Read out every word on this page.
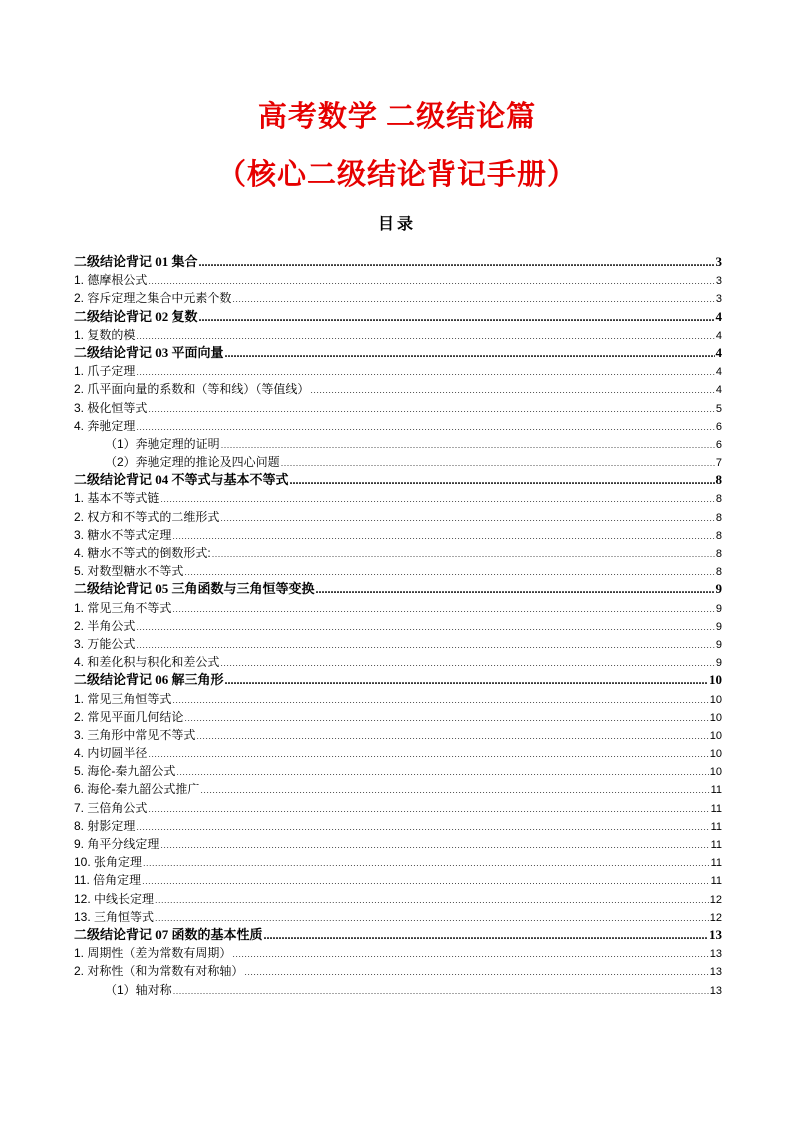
高考数学 二级结论篇
（核心二级结论背记手册）
目录
二级结论背记 01 集合 .....	3
1. 德摩根公式 .....	3
2. 容斥定理之集合中元素个数 .....	3
二级结论背记 02 复数 .....	4
1. 复数的模 .....	4
二级结论背记 03 平面向量 .....	4
1. 爪子定理 .....	4
2. 爪平面向量的系数和（等和线）（等值线） .....	4
3. 极化恒等式 .....	5
4. 奔驰定理 .....	6
（1）奔驰定理的证明 .....	6
（2）奔驰定理的推论及四心问题 .....	7
二级结论背记 04 不等式与基本不等式 .....	8
1. 基本不等式链 .....	8
2. 权方和不等式的二维形式 .....	8
3. 糖水不等式定理 .....	8
4. 糖水不等式的倒数形式: .....	8
5. 对数型糖水不等式 .....	8
二级结论背记 05 三角函数与三角恒等变换 .....	9
1. 常见三角不等式 .....	9
2. 半角公式 .....	9
3. 万能公式 .....	9
4. 和差化积与积化和差公式 .....	9
二级结论背记 06 解三角形 .....	10
1. 常见三角恒等式 .....	10
2. 常见平面几何结论 .....	10
3. 三角形中常见不等式 .....	10
4. 内切圆半径 .....	10
5. 海伦-秦九韶公式 .....	10
6. 海伦-秦九韶公式推广 .....	11
7. 三倍角公式 .....	11
8. 射影定理 .....	11
9. 角平分线定理 .....	11
10. 张角定理 .....	11
11. 倍角定理 .....	11
12. 中线长定理 .....	12
13. 三角恒等式 .....	12
二级结论背记 07 函数的基本性质 .....	13
1. 周期性（差为常数有周期） .....	13
2. 对称性（和为常数有对称轴） .....	13
（1）轴对称 .....	13
